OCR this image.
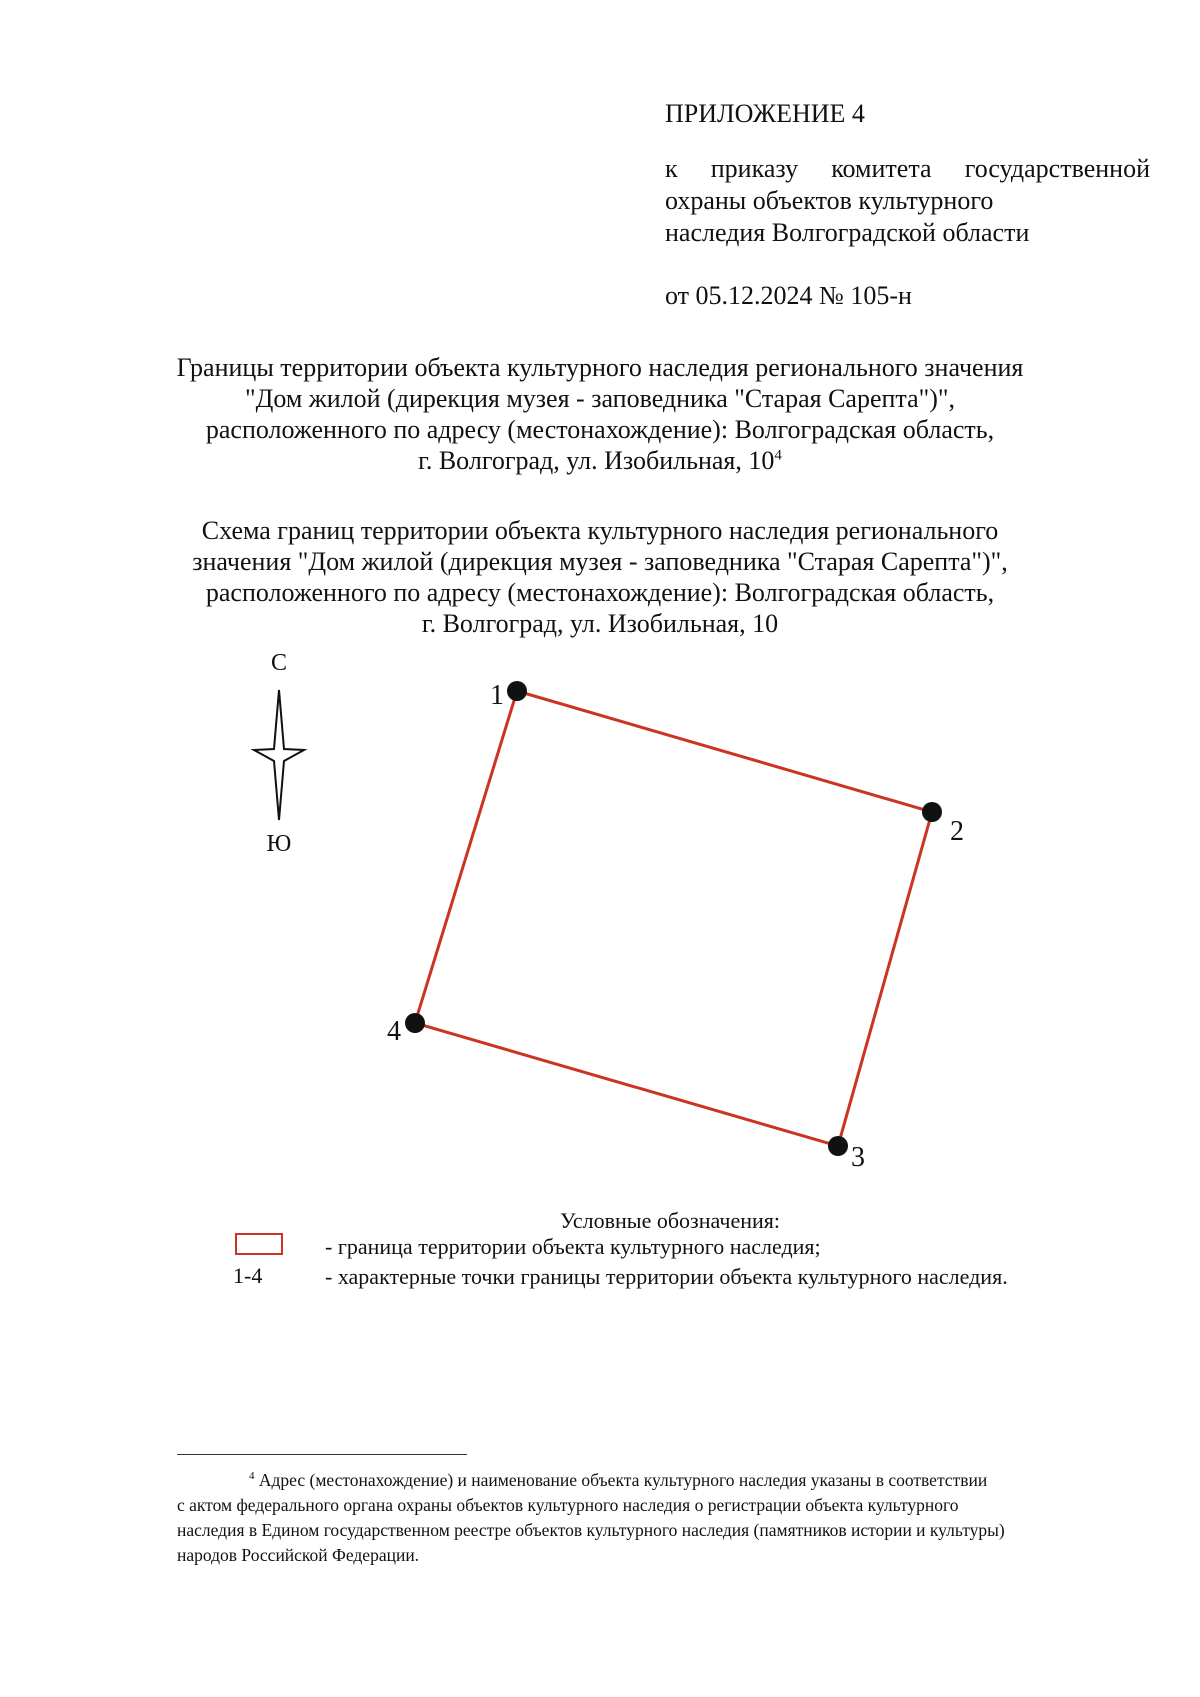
ПРИЛОЖЕНИЕ 4
к приказу комитета государственной
охраны объектов культурного
наследия Волгоградской области
от 05.12.2024 № 105-н
Границы территории объекта культурного наследия регионального значения
"Дом жилой (дирекция музея - заповедника "Старая Сарепта")",
расположенного по адресу (местонахождение): Волгоградская область,
г. Волгоград, ул. Изобильная, $10^4$
Схема границ территории объекта культурного наследия регионального
значения "Дом жилой (дирекция музея - заповедника "Старая Сарепта")",
расположенного по адресу (местонахождение): Волгоградская область,
г. Волгоград, ул. Изобильная, 10
С
Ю
1
2
3
4
Условные обозначения:
- граница территории объекта культурного наследия;
1-4	- характерные точки границы территории объекта культурного наследия.
$^4$ Адрес (местонахождение) и наименование объекта культурного наследия указаны в соответствии
с актом федерального органа охраны объектов культурного наследия о регистрации объекта культурного
наследия в Едином государственном реестре объектов культурного наследия (памятников истории и культуры)
народов Российской Федерации.
